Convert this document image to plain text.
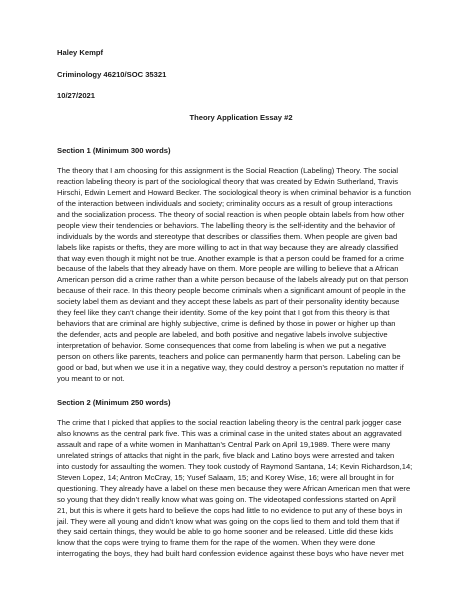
Haley Kempf
Criminology 46210/SOC 35321
10/27/2021
Theory Application Essay #2
Section 1 (Minimum 300 words)
The theory that I am choosing for this assignment is the Social Reaction (Labeling) Theory. The social
reaction labeling theory is part of the sociological theory that was created by Edwin Sutherland, Travis
Hirschi, Edwin Lemert and Howard Becker. The sociological theory is when criminal behavior is a function
of the interaction between individuals and society; criminality occurs as a result of group interactions
and the socialization process. The theory of social reaction is when people obtain labels from how other
people view their tendencies or behaviors. The labelling theory is the self-identity and the behavior of
individuals by the words and stereotype that describes or classifies them. When people are given bad
labels like rapists or thefts, they are more willing to act in that way because they are already classified
that way even though it might not be true. Another example is that a person could be framed for a crime
because of the labels that they already have on them. More people are willing to believe that a African
American person did a crime rather than a white person because of the labels already put on that person
because of their race. In this theory people become criminals when a significant amount of people in the
society label them as deviant and they accept these labels as part of their personality identity because
they feel like they can’t change their identity. Some of the key point that I got from this theory is that
behaviors that are criminal are highly subjective, crime is defined by those in power or higher up than
the defender, acts and people are labeled, and both positive and negative labels involve subjective
interpretation of behavior. Some consequences that come from labeling is when we put a negative
person on others like parents, teachers and police can permanently harm that person. Labeling can be
good or bad, but when we use it in a negative way, they could destroy a person’s reputation no matter if
you meant to or not.
Section 2 (Minimum 250 words)
The crime that I picked that applies to the social reaction labeling theory is the central park jogger case
also knowns as the central park five. This was a criminal case in the united states about an aggravated
assault and rape of a white women in Manhattan’s Central Park on April 19,1989. There were many
unrelated strings of attacks that night in the park, five black and Latino boys were arrested and taken
into custody for assaulting the women. They took custody of Raymond Santana, 14; Kevin Richardson,14;
Steven Lopez, 14; Antron McCray, 15; Yusef Salaam, 15; and Korey Wise, 16; were all brought in for
questioning. They already have a label on these men because they were African American men that were
so young that they didn’t really know what was going on. The videotaped confessions started on April
21, but this is where it gets hard to believe the cops had little to no evidence to put any of these boys in
jail. They were all young and didn’t know what was going on the cops lied to them and told them that if
they said certain things, they would be able to go home sooner and be released. Little did these kids
know that the cops were trying to frame them for the rape of the women. When they were done
interrogating the boys, they had built hard confession evidence against these boys who have never met
